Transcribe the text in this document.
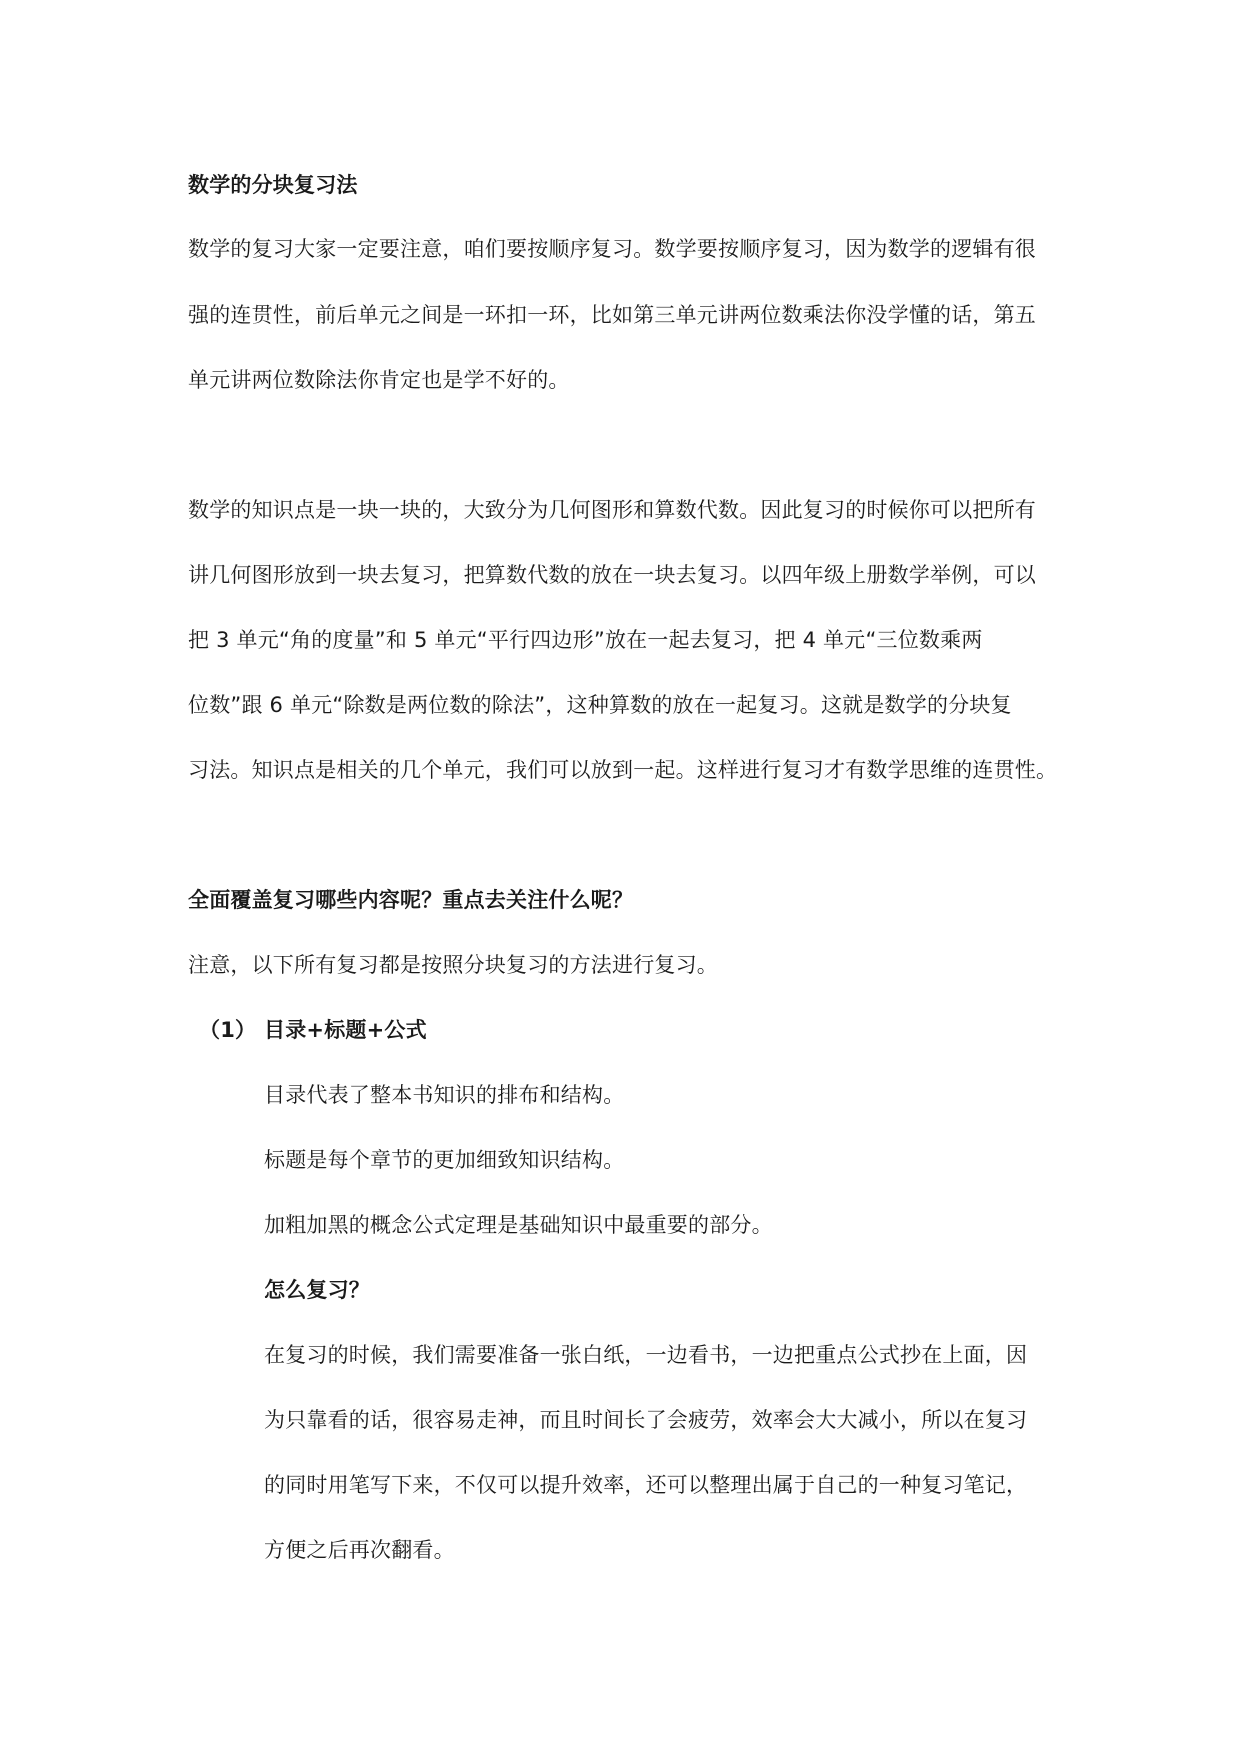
数学的分块复习法
数学的复习大家一定要注意，咱们要按顺序复习。数学要按顺序复习，因为数学的逻辑有很
强的连贯性，前后单元之间是一环扣一环，比如第三单元讲两位数乘法你没学懂的话，第五
单元讲两位数除法你肯定也是学不好的。
数学的知识点是一块一块的，大致分为几何图形和算数代数。因此复习的时候你可以把所有
讲几何图形放到一块去复习，把算数代数的放在一块去复习。以四年级上册数学举例，可以
把 3 单元“角的度量”和 5 单元“平行四边形”放在一起去复习，把 4 单元“三位数乘两
位数”跟 6 单元“除数是两位数的除法”，这种算数的放在一起复习。这就是数学的分块复
习法。知识点是相关的几个单元，我们可以放到一起。这样进行复习才有数学思维的连贯性。
全面覆盖复习哪些内容呢？重点去关注什么呢？
注意，以下所有复习都是按照分块复习的方法进行复习。
（1） 目录+标题+公式
目录代表了整本书知识的排布和结构。
标题是每个章节的更加细致知识结构。
加粗加黑的概念公式定理是基础知识中最重要的部分。
怎么复习？
在复习的时候，我们需要准备一张白纸，一边看书，一边把重点公式抄在上面，因
为只靠看的话，很容易走神，而且时间长了会疲劳，效率会大大减小，所以在复习
的同时用笔写下来，不仅可以提升效率，还可以整理出属于自己的一种复习笔记，
方便之后再次翻看。
